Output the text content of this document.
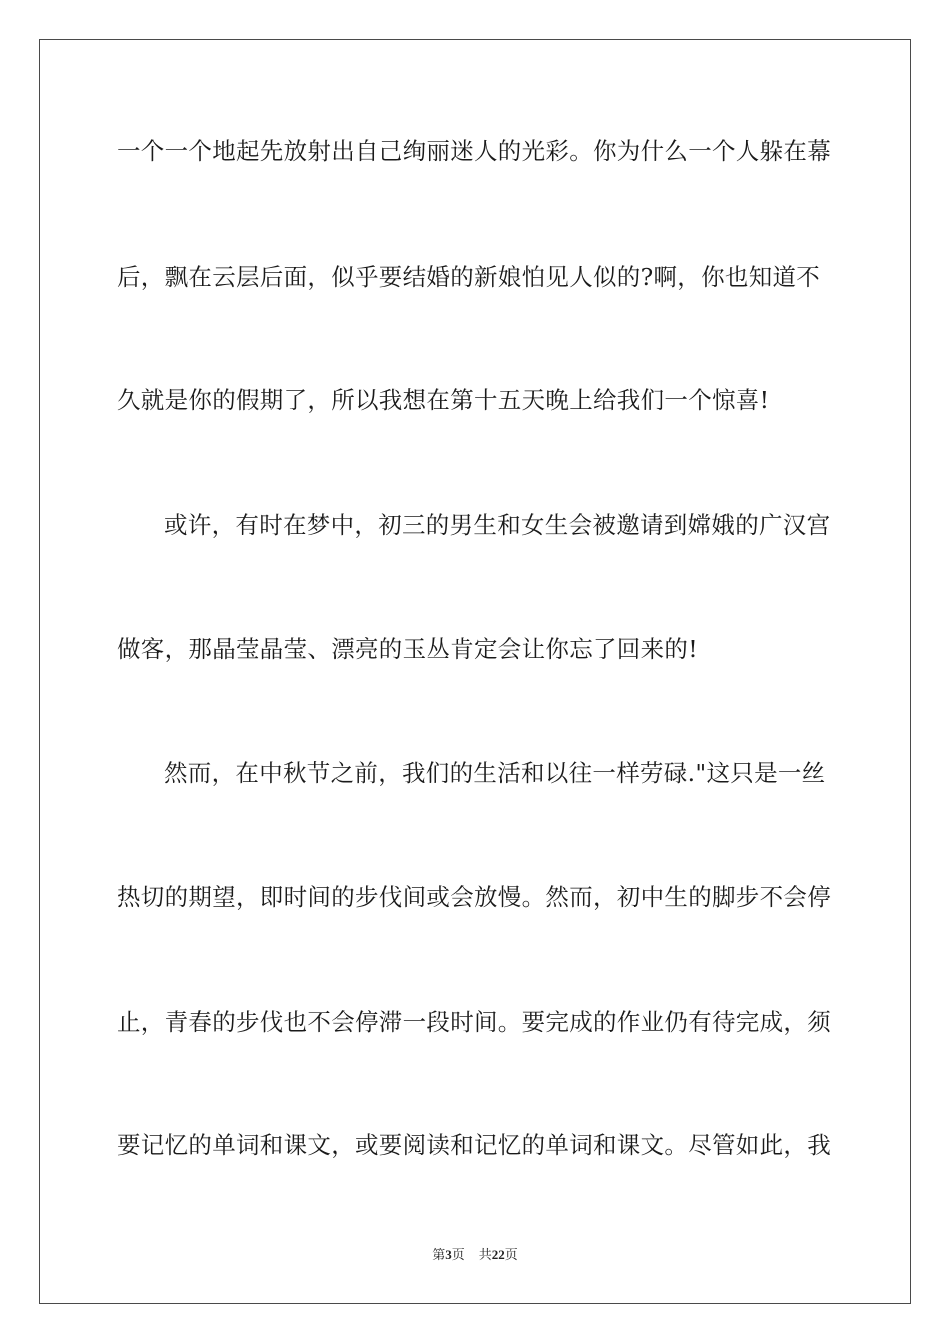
一个一个地起先放射出自己绚丽迷人的光彩。你为什么一个人躲在幕

后，飘在云层后面，似乎要结婚的新娘怕见人似的?啊，你也知道不

久就是你的假期了，所以我想在第十五天晚上给我们一个惊喜!

或许，有时在梦中，初三的男生和女生会被邀请到嫦娥的广汉宫

做客，那晶莹晶莹、漂亮的玉丛肯定会让你忘了回来的!

然而，在中秋节之前，我们的生活和以往一样劳碌."这只是一丝

热切的期望，即时间的步伐间或会放慢。然而，初中生的脚步不会停

止，青春的步伐也不会停滞一段时间。要完成的作业仍有待完成，须

要记忆的单词和课文，或要阅读和记忆的单词和课文。尽管如此，我

第3页 共22页
